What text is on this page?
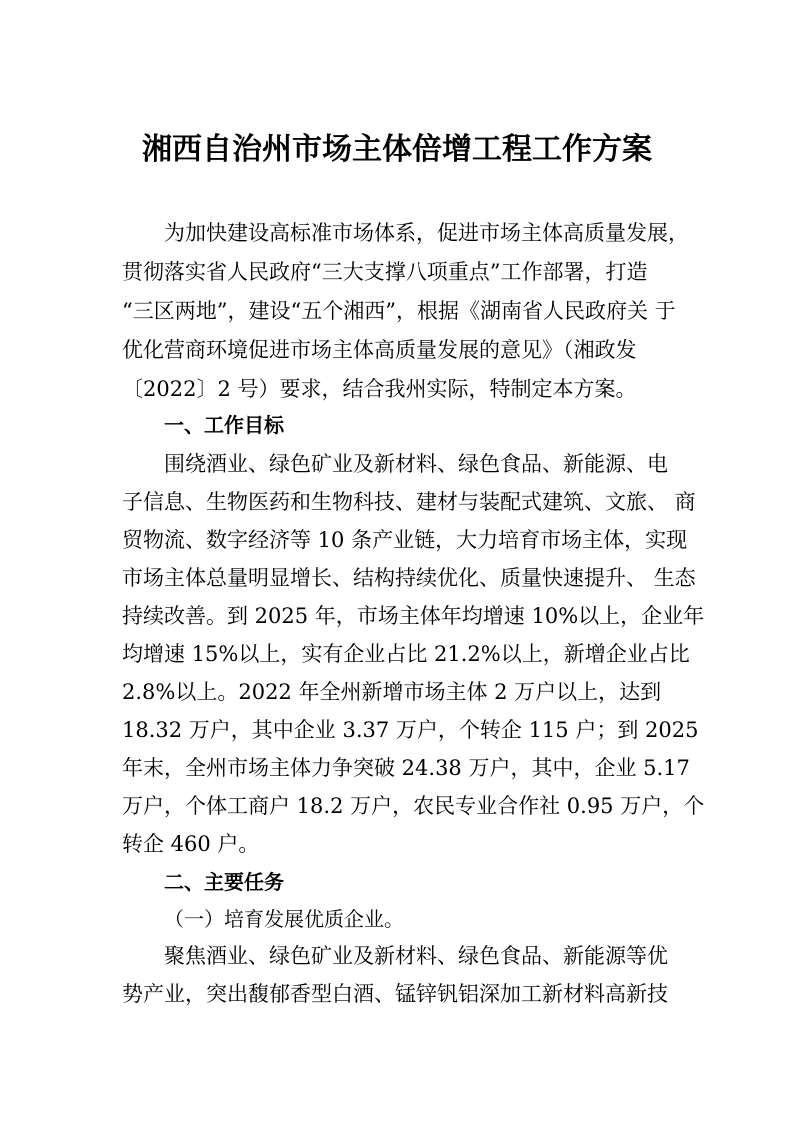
湘西自治州市场主体倍增工程工作方案
为加快建设高标准市场体系，促进市场主体高质量发展，
贯彻落实省人民政府“三大支撑八项重点”工作部署，打造
“三区两地”，建设“五个湘西”，根据《湖南省人民政府关 于
优化营商环境促进市场主体高质量发展的意见》（湘政发
〔2022〕2 号）要求，结合我州实际，特制定本方案。
一、工作目标
围绕酒业、绿色矿业及新材料、绿色食品、新能源、电
子信息、生物医药和生物科技、建材与装配式建筑、文旅、 商
贸物流、数字经济等 10 条产业链，大力培育市场主体，实现
市场主体总量明显增长、结构持续优化、质量快速提升、 生态
持续改善。到 2025 年，市场主体年均增速 10%以上，企业年
均增速 15%以上，实有企业占比 21.2%以上，新增企业占比
2.8%以上。2022 年全州新增市场主体 2 万户以上，达到
18.32 万户，其中企业 3.37 万户，个转企 115 户；到 2025
年末，全州市场主体力争突破 24.38 万户，其中，企业 5.17
万户，个体工商户 18.2 万户，农民专业合作社 0.95 万户，个
转企 460 户。
二、主要任务
（一）培育发展优质企业。
聚焦酒业、绿色矿业及新材料、绿色食品、新能源等优
势产业，突出馥郁香型白酒、锰锌钒铝深加工新材料高新技
